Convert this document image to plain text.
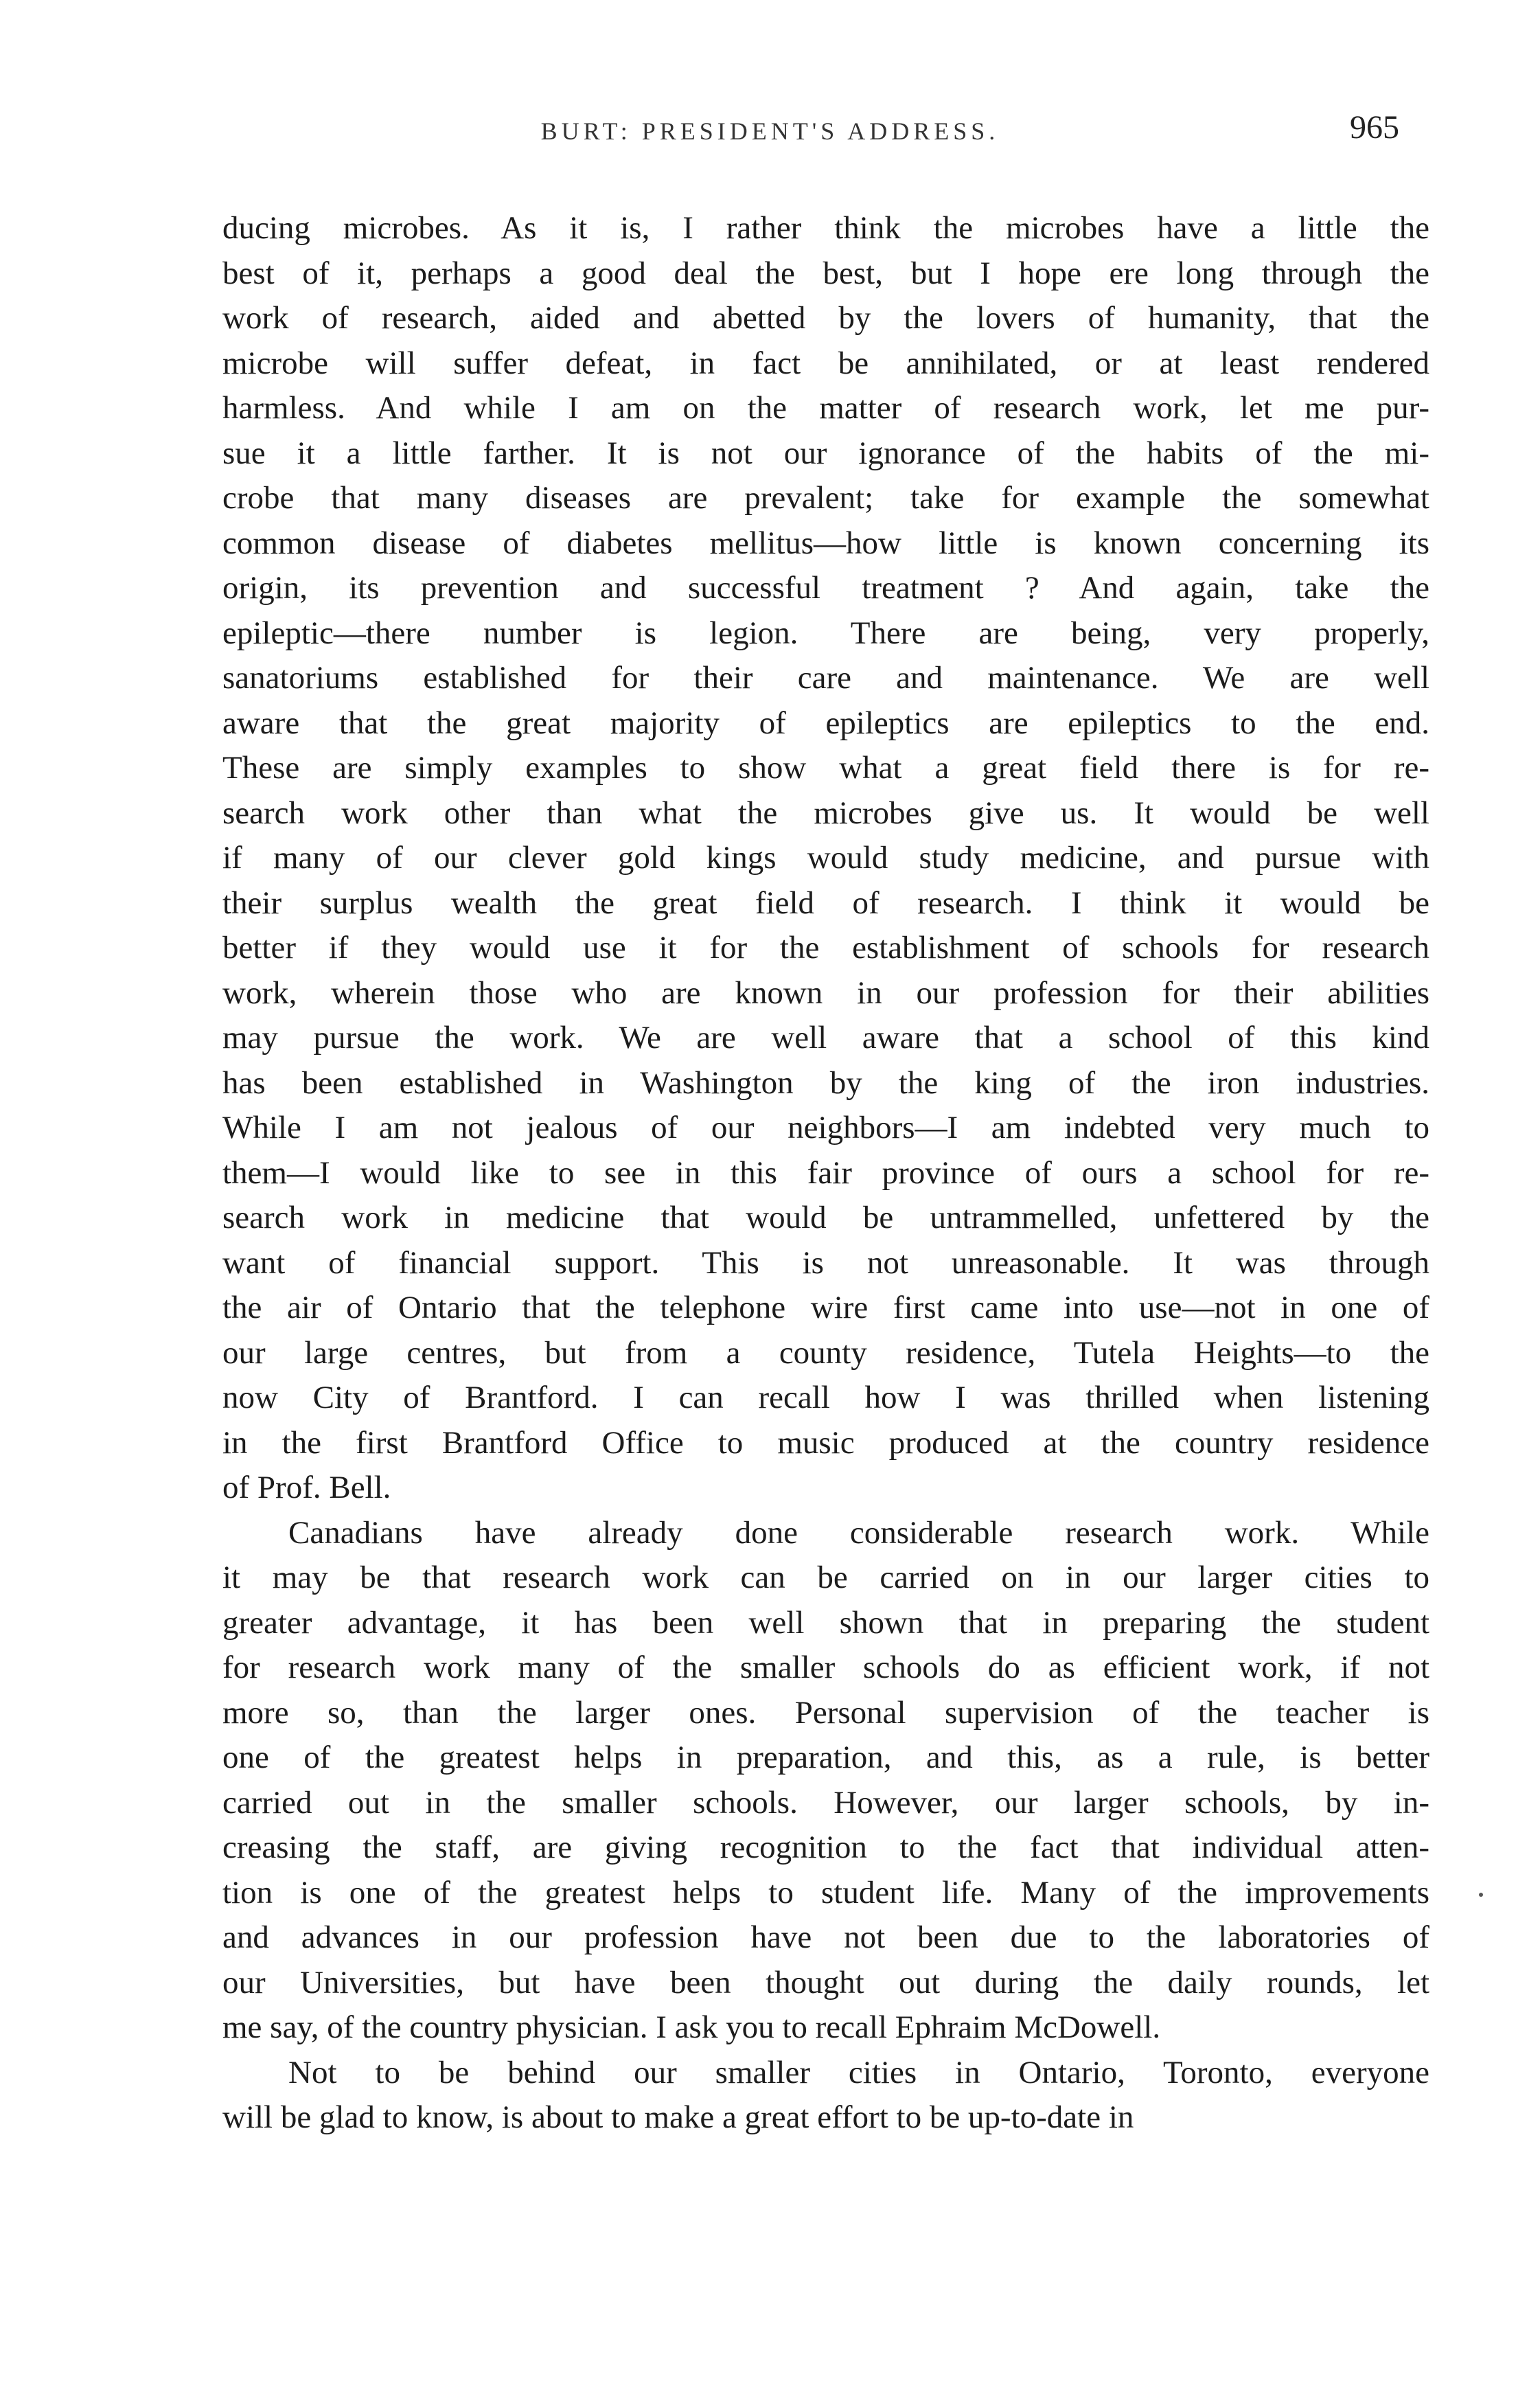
BURT: PRESIDENT'S ADDRESS.	965
ducing microbes. As it is, I rather think the microbes have a little the
best of it, perhaps a good deal the best, but I hope ere long through the
work of research, aided and abetted by the lovers of humanity, that the
microbe will suffer defeat, in fact be annihilated, or at least rendered
harmless. And while I am on the matter of research work, let me pur-
sue it a little farther. It is not our ignorance of the habits of the mi-
crobe that many diseases are prevalent; take for example the somewhat
common disease of diabetes mellitus—how little is known concerning its
origin, its prevention and successful treatment ? And again, take the
epileptic—there number is legion. There are being, very properly,
sanatoriums established for their care and maintenance. We are well
aware that the great majority of epileptics are epileptics to the end.
These are simply examples to show what a great field there is for re-
search work other than what the microbes give us. It would be well
if many of our clever gold kings would study medicine, and pursue with
their surplus wealth the great field of research. I think it would be
better if they would use it for the establishment of schools for research
work, wherein those who are known in our profession for their abilities
may pursue the work. We are well aware that a school of this kind
has been established in Washington by the king of the iron industries.
While I am not jealous of our neighbors—I am indebted very much to
them—I would like to see in this fair province of ours a school for re-
search work in medicine that would be untrammelled, unfettered by the
want of financial support. This is not unreasonable. It was through
the air of Ontario that the telephone wire first came into use—not in one of
our large centres, but from a county residence, Tutela Heights—to the
now City of Brantford. I can recall how I was thrilled when listening
in the first Brantford Office to music produced at the country residence
of Prof. Bell.
Canadians have already done considerable research work. While
it may be that research work can be carried on in our larger cities to
greater advantage, it has been well shown that in preparing the student
for research work many of the smaller schools do as efficient work, if not
more so, than the larger ones. Personal supervision of the teacher is
one of the greatest helps in preparation, and this, as a rule, is better
carried out in the smaller schools. However, our larger schools, by in-
creasing the staff, are giving recognition to the fact that individual atten-
tion is one of the greatest helps to student life. Many of the improvements
and advances in our profession have not been due to the laboratories of
our Universities, but have been thought out during the daily rounds, let
me say, of the country physician. I ask you to recall Ephraim McDowell.
Not to be behind our smaller cities in Ontario, Toronto, everyone
will be glad to know, is about to make a great effort to be up-to-date in
